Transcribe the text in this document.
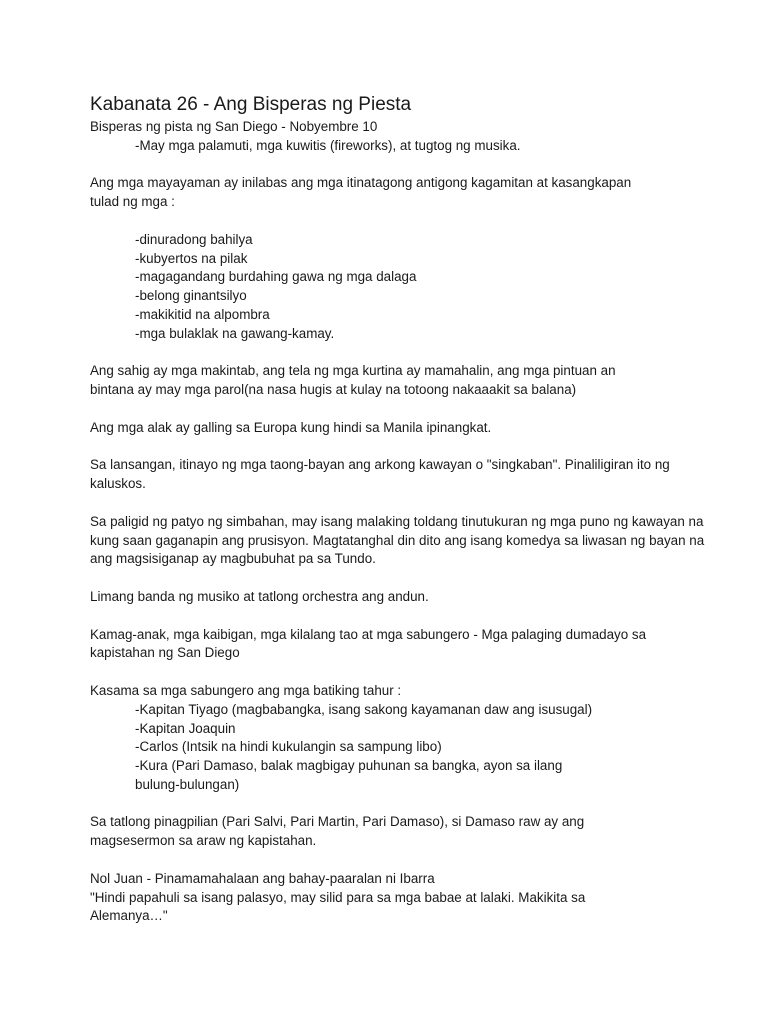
Kabanata 26 - Ang Bisperas ng Piesta

Bisperas ng pista ng San Diego - Nobyembre 10

-May mga palamuti, mga kuwitis (fireworks), at tugtog ng musika.

Ang mga mayayaman ay inilabas ang mga itinatagong antigong kagamitan at kasangkapan tulad ng mga :

-dinuradong bahilya

-kubyertos na pilak

-magagandang burdahing gawa ng mga dalaga

-belong ginantsilyo

-makikitid na alpombra

-mga bulaklak na gawang-kamay.

Ang sahig ay mga makintab, ang tela ng mga kurtina ay mamahalin, ang mga pintuan an bintana ay may mga parol(na nasa hugis at kulay na totoong nakaaakit sa balana)

Ang mga alak ay galling sa Europa kung hindi sa Manila ipinangkat.

Sa lansangan, itinayo ng mga taong-bayan ang arkong kawayan o "singkaban". Pinaliligiran ito ng kaluskos.

Sa paligid ng patyo ng simbahan, may isang malaking toldang tinutukuran ng mga puno ng kawayan na kung saan gaganapin ang prusisyon. Magtatanghal din dito ang isang komedya sa liwasan ng bayan na ang magsisiganap ay magbubuhat pa sa Tundo.

Limang banda ng musiko at tatlong orchestra ang andun.

Kamag-anak, mga kaibigan, mga kilalang tao at mga sabungero - Mga palaging dumadayo sa kapistahan ng San Diego

Kasama sa mga sabungero ang mga batiking tahur :

-Kapitan Tiyago (magbabangka, isang sakong kayamanan daw ang isusugal)

-Kapitan Joaquin

-Carlos (Intsik na hindi kukulangin sa sampung libo)

-Kura (Pari Damaso, balak magbigay puhunan sa bangka, ayon sa ilang bulung-bulungan)

Sa tatlong pinagpilian (Pari Salvi, Pari Martin, Pari Damaso), si Damaso raw ay ang magsesermon sa araw ng kapistahan.

Nol Juan - Pinamamahalaan ang bahay-paaralan ni Ibarra

"Hindi papahuli sa isang palasyo, may silid para sa mga babae at lalaki. Makikita sa Alemanya…"
